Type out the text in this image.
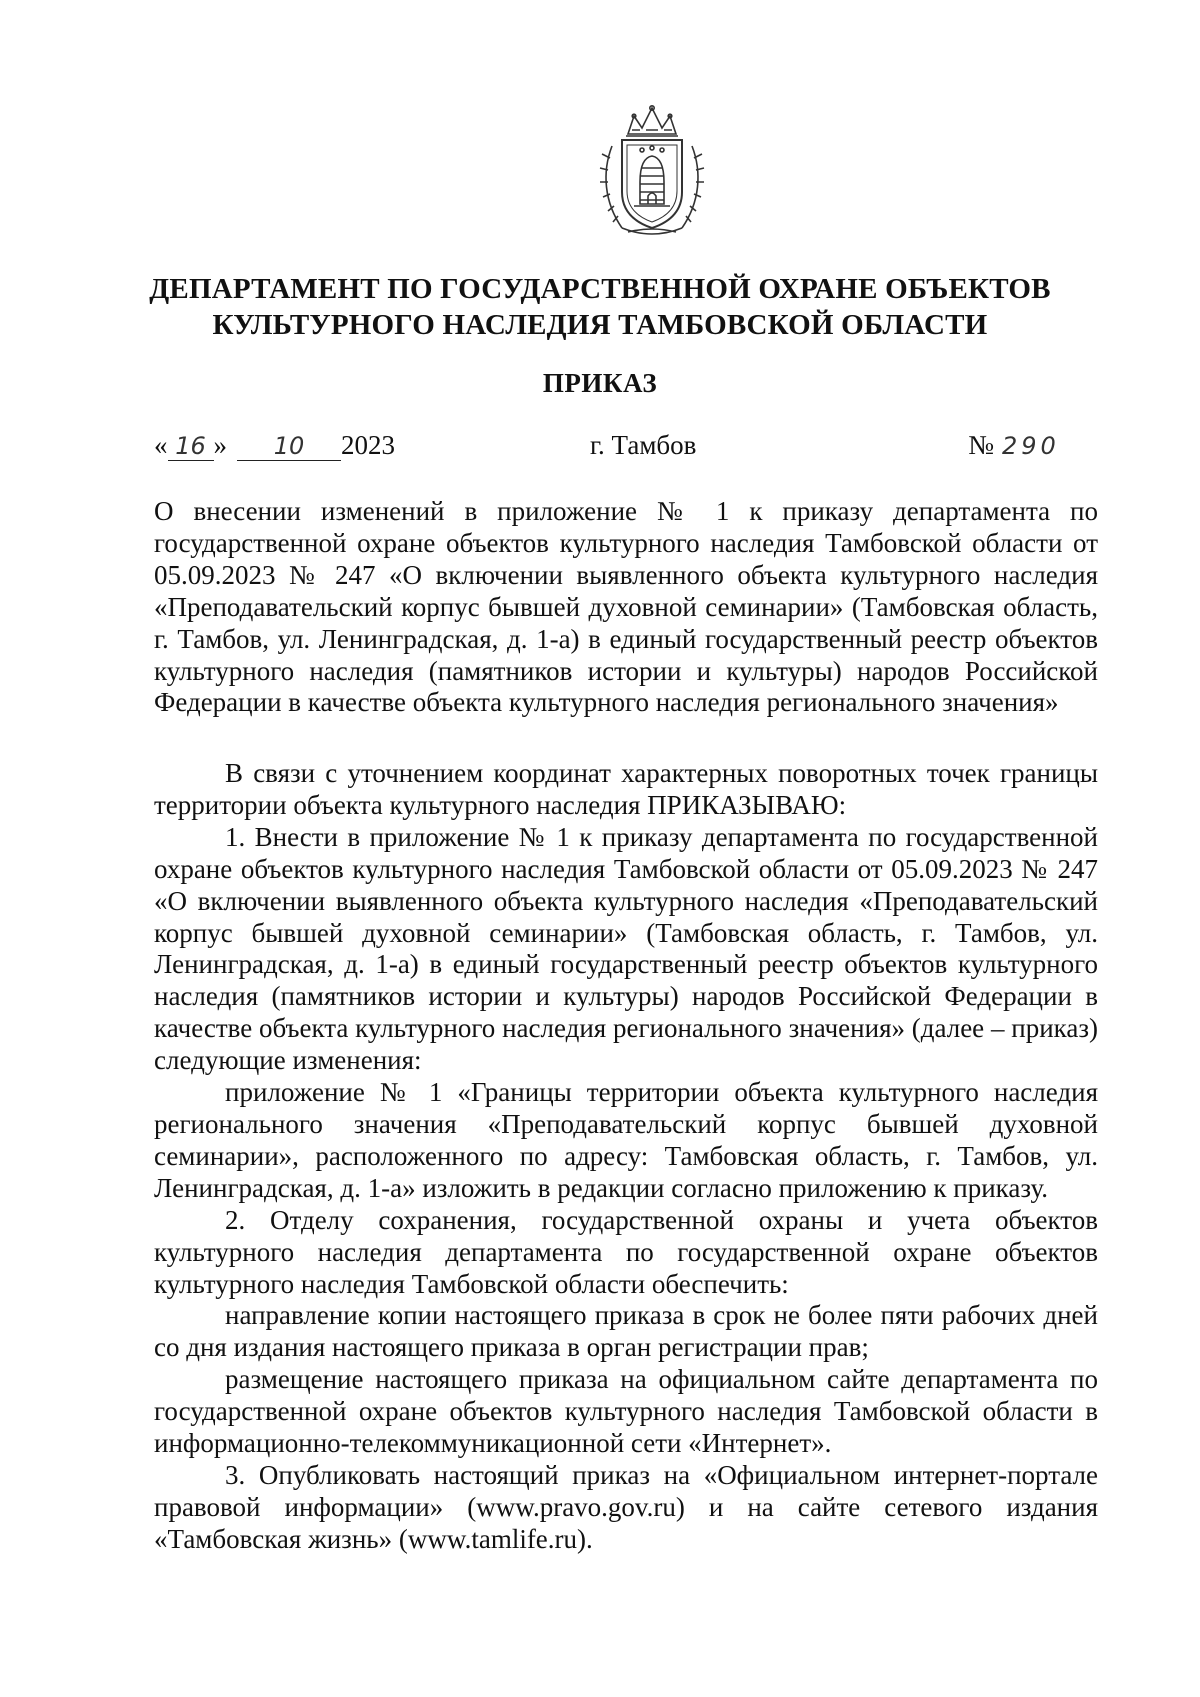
ДЕПАРТАМЕНТ ПО ГОСУДАРСТВЕННОЙ ОХРАНЕ ОБЪЕКТОВ
КУЛЬТУРНОГО НАСЛЕДИЯ ТАМБОВСКОЙ ОБЛАСТИ
ПРИКАЗ
« 16 » 10 2023	г. Тамбов	№ 290
О внесении изменений в приложение № 1 к приказу департамента по государственной охране объектов культурного наследия Тамбовской области от 05.09.2023 № 247 «О включении выявленного объекта культурного наследия «Преподавательский корпус бывшей духовной семинарии» (Тамбовская область, г. Тамбов, ул. Ленинградская, д. 1-а) в единый государственный реестр объектов культурного наследия (памятников истории и культуры) народов Российской Федерации в качестве объекта культурного наследия регионального значения»

В связи с уточнением координат характерных поворотных точек границы территории объекта культурного наследия ПРИКАЗЫВАЮ:

1. Внести в приложение № 1 к приказу департамента по государственной охране объектов культурного наследия Тамбовской области от 05.09.2023 № 247 «О включении выявленного объекта культурного наследия «Преподавательский корпус бывшей духовной семинарии» (Тамбовская область, г. Тамбов, ул. Ленинградская, д. 1-а) в единый государственный реестр объектов культурного наследия (памятников истории и культуры) народов Российской Федерации в качестве объекта культурного наследия регионального значения» (далее – приказ) следующие изменения:

приложение № 1 «Границы территории объекта культурного наследия регионального значения «Преподавательский корпус бывшей духовной семинарии», расположенного по адресу: Тамбовская область, г. Тамбов, ул. Ленинградская, д. 1-а» изложить в редакции согласно приложению к приказу.

2. Отделу сохранения, государственной охраны и учета объектов культурного наследия департамента по государственной охране объектов культурного наследия Тамбовской области обеспечить:

направление копии настоящего приказа в срок не более пяти рабочих дней со дня издания настоящего приказа в орган регистрации прав;

размещение настоящего приказа на официальном сайте департамента по государственной охране объектов культурного наследия Тамбовской области в информационно-телекоммуникационной сети «Интернет».

3. Опубликовать настоящий приказ на «Официальном интернет-портале правовой информации» (www.pravo.gov.ru) и на сайте сетевого издания «Тамбовская жизнь» (www.tamlife.ru).
